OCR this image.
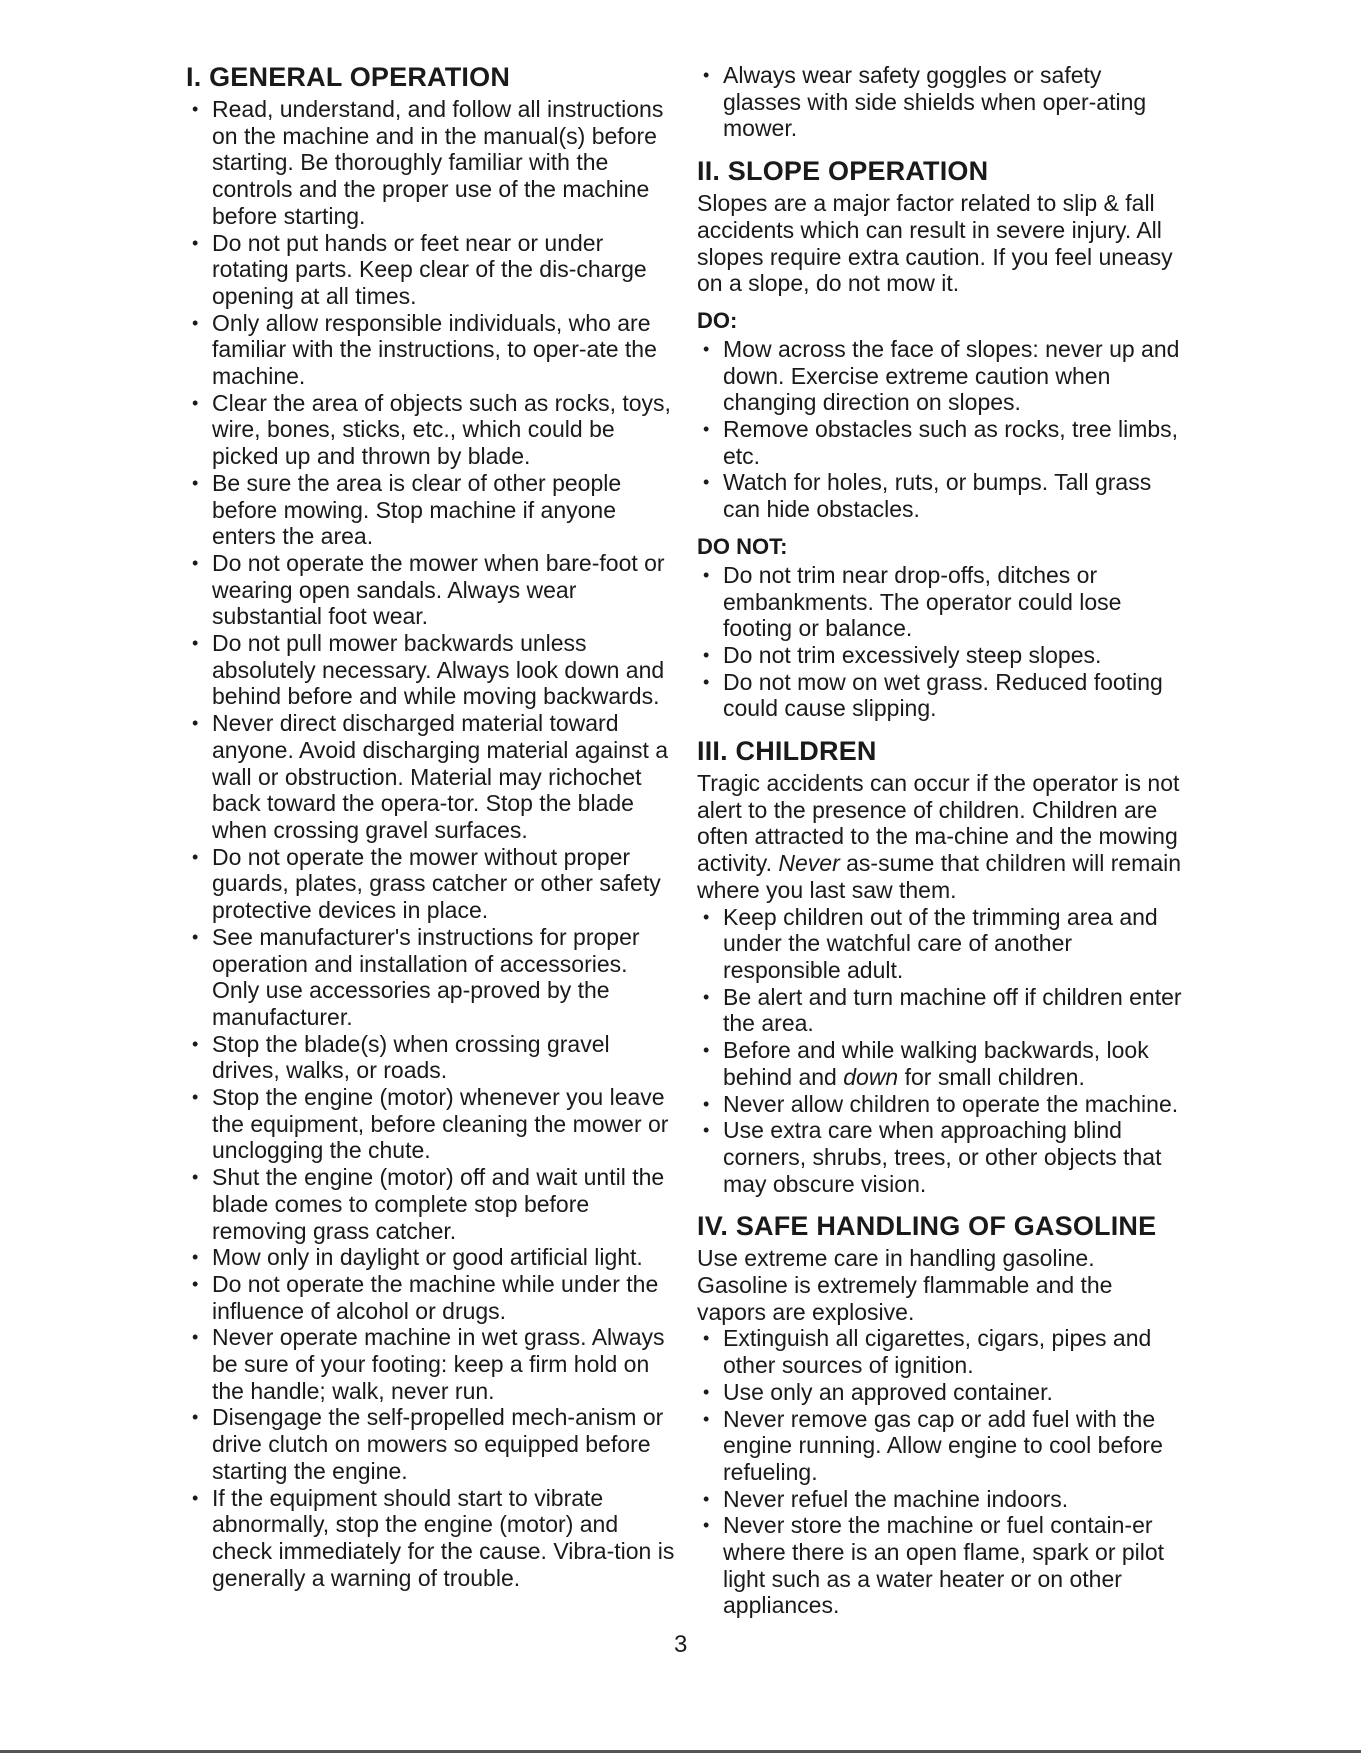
I. GENERAL OPERATION
• Read, understand, and follow all instructions on the machine and in the manual(s) before starting. Be thoroughly familiar with the controls and the proper use of the machine before starting.
• Do not put hands or feet near or under rotating parts. Keep clear of the dis-charge opening at all times.
• Only allow responsible individuals, who are familiar with the instructions, to oper-ate the machine.
• Clear the area of objects such as rocks, toys, wire, bones, sticks, etc., which could be picked up and thrown by blade.
• Be sure the area is clear of other people before mowing. Stop machine if anyone enters the area.
• Do not operate the mower when bare-foot or wearing open sandals. Always wear substantial foot wear.
• Do not pull mower backwards unless absolutely necessary. Always look down and behind before and while moving backwards.
• Never direct discharged material toward anyone. Avoid discharging material against a wall or obstruction. Material may richochet back toward the opera-tor. Stop the blade when crossing gravel surfaces.
• Do not operate the mower without proper guards, plates, grass catcher or other safety protective devices in place.
• See manufacturer's instructions for proper operation and installation of accessories. Only use accessories ap-proved by the manufacturer.
• Stop the blade(s) when crossing gravel drives, walks, or roads.
• Stop the engine (motor) whenever you leave the equipment, before cleaning the mower or unclogging the chute.
• Shut the engine (motor) off and wait until the blade comes to complete stop before removing grass catcher.
• Mow only in daylight or good artificial light.
• Do not operate the machine while under the influence of alcohol or drugs.
• Never operate machine in wet grass. Always be sure of your footing: keep a firm hold on the handle; walk, never run.
• Disengage the self-propelled mech-anism or drive clutch on mowers so equipped before starting the engine.
• If the equipment should start to vibrate abnormally, stop the engine (motor) and check immediately for the cause. Vibra-tion is generally a warning of trouble.
• Always wear safety goggles or safety glasses with side shields when oper-ating mower.
II. SLOPE OPERATION

Slopes are a major factor related to slip & fall accidents which can result in severe injury. All slopes require extra caution. If you feel uneasy on a slope, do not mow it.

DO:
• Mow across the face of slopes: never up and down. Exercise extreme caution when changing direction on slopes.
• Remove obstacles such as rocks, tree limbs, etc.
• Watch for holes, ruts, or bumps. Tall grass can hide obstacles.
DO NOT:
• Do not trim near drop-offs, ditches or embankments. The operator could lose footing or balance.
• Do not trim excessively steep slopes.
• Do not mow on wet grass. Reduced footing could cause slipping.
III. CHILDREN

Tragic accidents can occur if the operator is not alert to the presence of children. Children are often attracted to the ma-chine and the mowing activity. Never as-sume that children will remain where you last saw them.

• Keep children out of the trimming area and under the watchful care of another responsible adult.
• Be alert and turn machine off if children enter the area.
• Before and while walking backwards, look behind and down for small children.
• Never allow children to operate the machine.
• Use extra care when approaching blind corners, shrubs, trees, or other objects that may obscure vision.
IV. SAFE HANDLING OF GASOLINE

Use extreme care in handling gasoline. Gasoline is extremely flammable and the vapors are explosive.

• Extinguish all cigarettes, cigars, pipes and other sources of ignition.
• Use only an approved container.
• Never remove gas cap or add fuel with the engine running. Allow engine to cool before refueling.
• Never refuel the machine indoors.
• Never store the machine or fuel contain-er where there is an open flame, spark or pilot light such as a water heater or on other appliances.
3
